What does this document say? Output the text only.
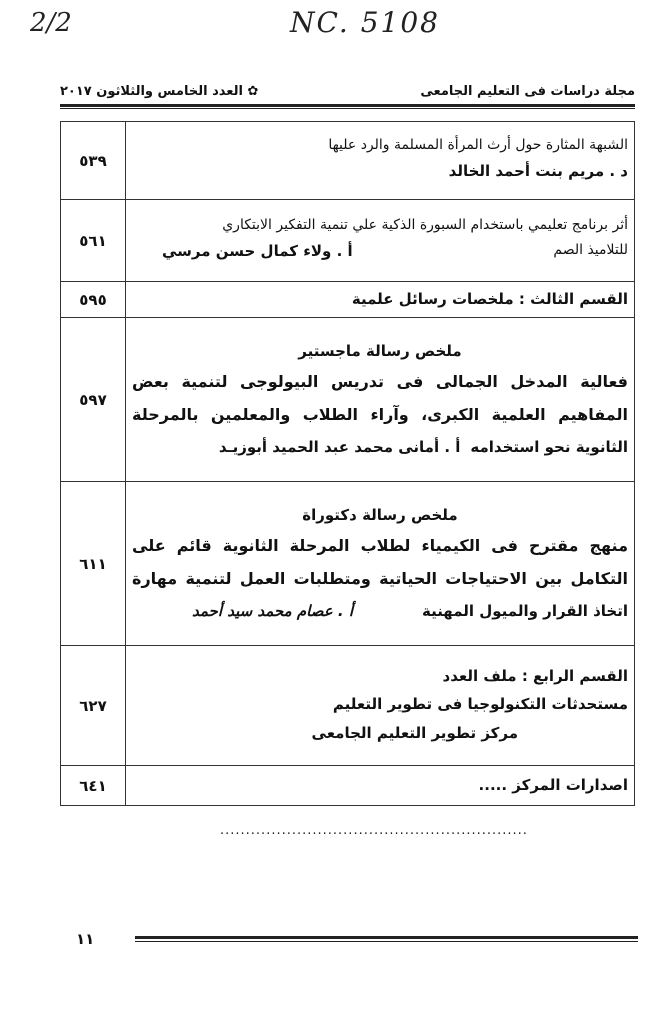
2/2	NC. 5108
مجلة دراسات فى التعليم الجامعى
✿ العدد الخامس والثلاثون ٢٠١٧
الشبهة المثارة حول أرث المرأة المسلمة والرد عليها
د . مريم بنت أحمد الخالد	٥٣٩

أثر برنامج تعليمي باستخدام السبورة الذكية علي تنمية التفكير الابتكاري
للتلاميذ الصم
أ . ولاء كمال حسن مرسي	٥٦١

القسم الثالث : ملخصات رسائل علمية	٥٩٥

ملخص رسالة ماجستير
فعالية المدخل الجمالى فى تدريس البيولوجى لتنمية بعض
المفاهيم العلمية الكبرى، وآراء الطلاب والمعلمين بالمرحلة
الثانوية نحو استخدامه
أ . أمانى محمد عبد الحميد أبوزيـد	٥٩٧

ملخص رسالة دكتوراة
منهج مقترح فى الكيمياء لطلاب المرحلة الثانوية قائم على
التكامل بين الاحتياجات الحياتية ومتطلبات العمل لتنمية مهارة
اتخاذ القرار والميول المهنية
أ . عصام محمد سيد أحمد	٦١١

القسم الرابع : ملف العدد
مستحدثات التكنولوجيا فى تطوير التعليم
مركز تطوير التعليم الجامعى	٦٢٧

اصدارات المركز .....	٦٤١
............................................................
١١
